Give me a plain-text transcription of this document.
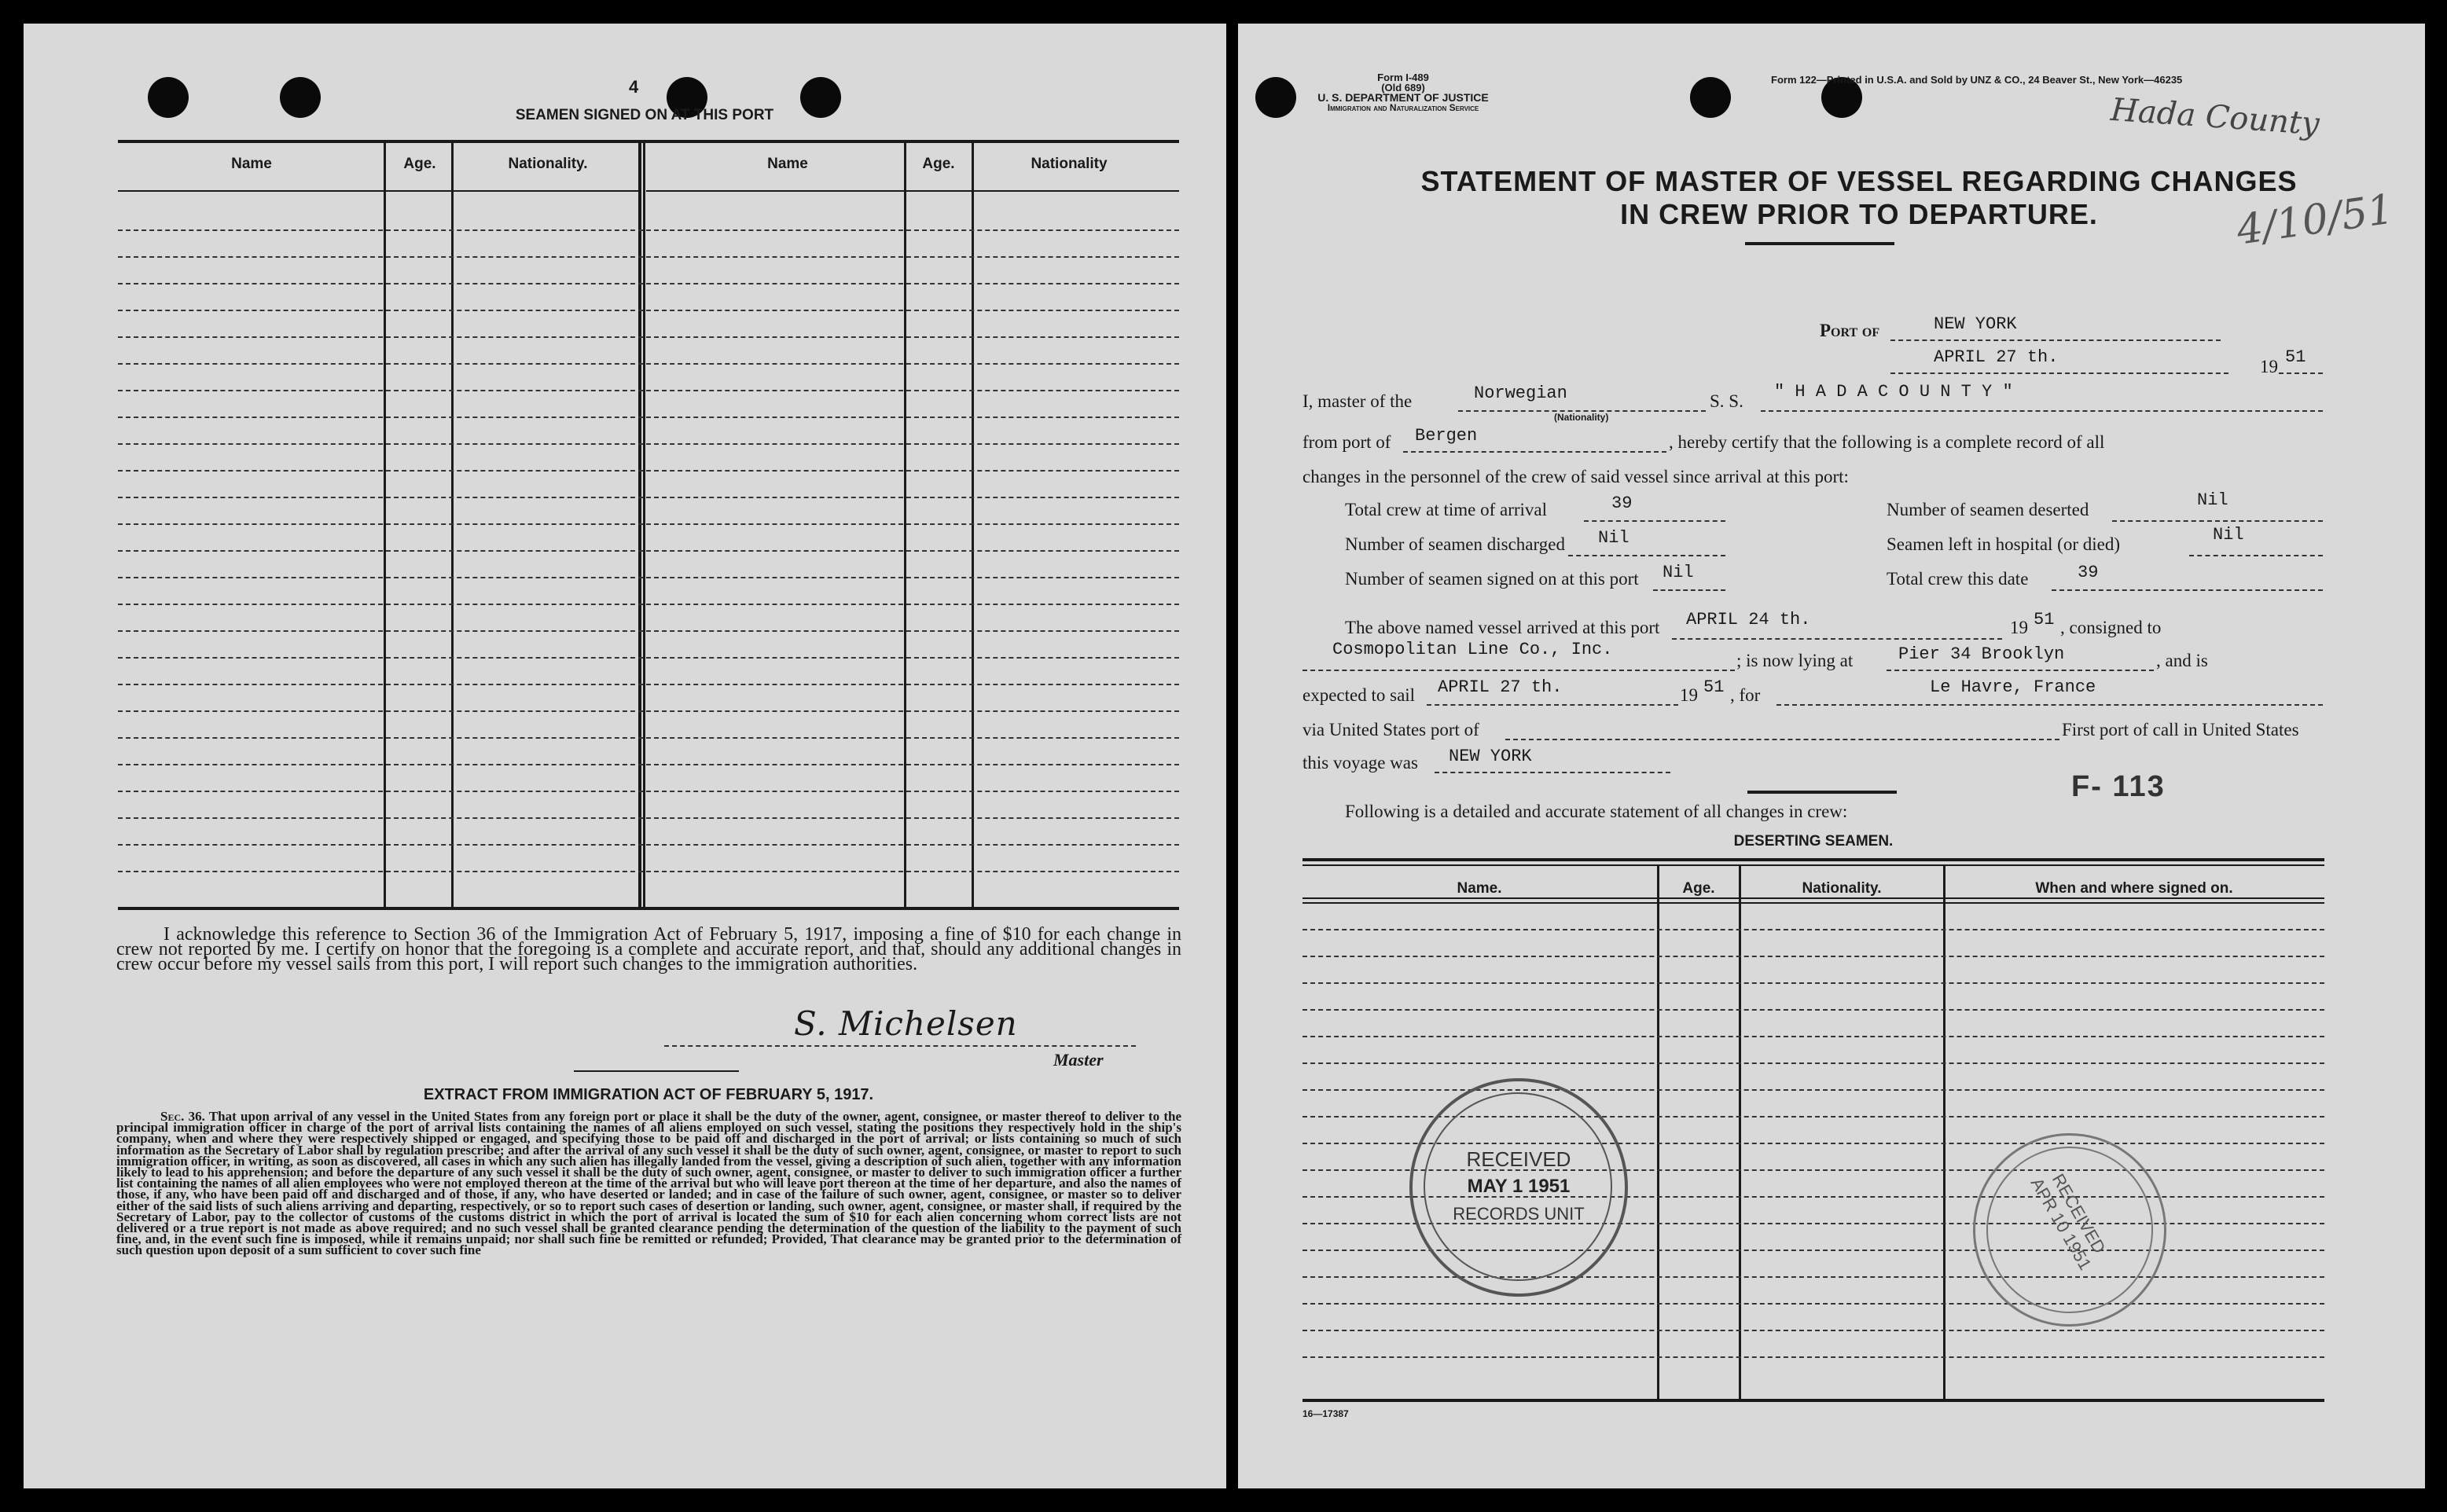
4
SEAMEN SIGNED ON AT THIS PORT
Name	Age.	Nationality.	Name	Age.	Nationality
I acknowledge this reference to Section 36 of the Immigration Act of February 5, 1917, imposing a fine of $10 for each change in crew not reported by me. I certify on honor that the foregoing is a complete and accurate report, and that, should any additional changes in crew occur before my vessel sails from this port, I will report such changes to the immigration authorities.
S. Michelsen
Master
EXTRACT FROM IMMIGRATION ACT OF FEBRUARY 5, 1917.
Sec. 36. That upon arrival of any vessel in the United States from any foreign port or place it shall be the duty of the owner, agent, consignee, or master thereof to deliver to the principal immigration officer in charge of the port of arrival lists containing the names of all aliens employed on such vessel, stating the positions they respectively hold in the ship's company, when and where they were respectively shipped or engaged, and specifying those to be paid off and discharged in the port of arrival; or lists containing so much of such information as the Secretary of Labor shall by regulation prescribe; and after the arrival of any such vessel it shall be the duty of such owner, agent, consignee, or master to report to such immigration officer, in writing, as soon as discovered, all cases in which any such alien has illegally landed from the vessel, giving a description of such alien, together with any information likely to lead to his apprehension; and before the departure of any such vessel it shall be the duty of such owner, agent, consignee, or master to deliver to such immigration officer a further list containing the names of all alien employees who were not employed thereon at the time of the arrival but who will leave port thereon at the time of her departure, and also the names of those, if any, who have been paid off and discharged and of those, if any, who have deserted or landed; and in case of the failure of such owner, agent, consignee, or master so to deliver either of the said lists of such aliens arriving and departing, respectively, or so to report such cases of desertion or landing, such owner, agent, consignee, or master shall, if required by the Secretary of Labor, pay to the collector of customs of the customs district in which the port of arrival is located the sum of $10 for each alien concerning whom correct lists are not delivered or a true report is not made as above required; and no such vessel shall be granted clearance pending the determination of the question of the liability to the payment of such fine, and, in the event such fine is imposed, while it remains unpaid; nor shall such fine be remitted or refunded; Provided, That clearance may be granted prior to the determination of such question upon deposit of a sum sufficient to cover such fine
Form I-489
(Old 689)
U. S. DEPARTMENT OF JUSTICE
Immigration and Naturalization Service
Form 122—Printed in U.S.A. and Sold by UNZ & CO., 24 Beaver St., New York—46235
Hada County
4/10/51
STATEMENT OF MASTER OF VESSEL REGARDING CHANGES
IN CREW PRIOR TO DEPARTURE.
Port of	NEW YORK
APRIL 27 th.	19 51
I, master of the	Norwegian
(Nationality)
S. S. " H A D A C O U N T Y "
from port of Bergen	, hereby certify that the following is a complete record of all
changes in the personnel of the crew of said vessel since arrival at this port:
Total crew at time of arrival	39	Number of seamen deserted	Nil
Number of seamen discharged Nil	Seamen left in hospital (or died)	Nil
Number of seamen signed on at this port Nil	Total crew this date	39
The above named vessel arrived at this port APRIL 24 th.	19 51 , consigned to
Cosmopolitan Line Co., Inc.
; is now lying at	Pier 34 Brooklyn	, and is
expected to sail APRIL 27 th.	19 51 , for	Le Havre, France
via United States port of	First port of call in United States
this voyage was NEW YORK
F- 113
Following is a detailed and accurate statement of all changes in crew:
DESERTING SEAMEN.
Name.	Age.	Nationality.	When and where signed on.
RECEIVED
MAY 1 1951
RECORDS UNIT	RECEIVED APR 10 1951
16—17387
